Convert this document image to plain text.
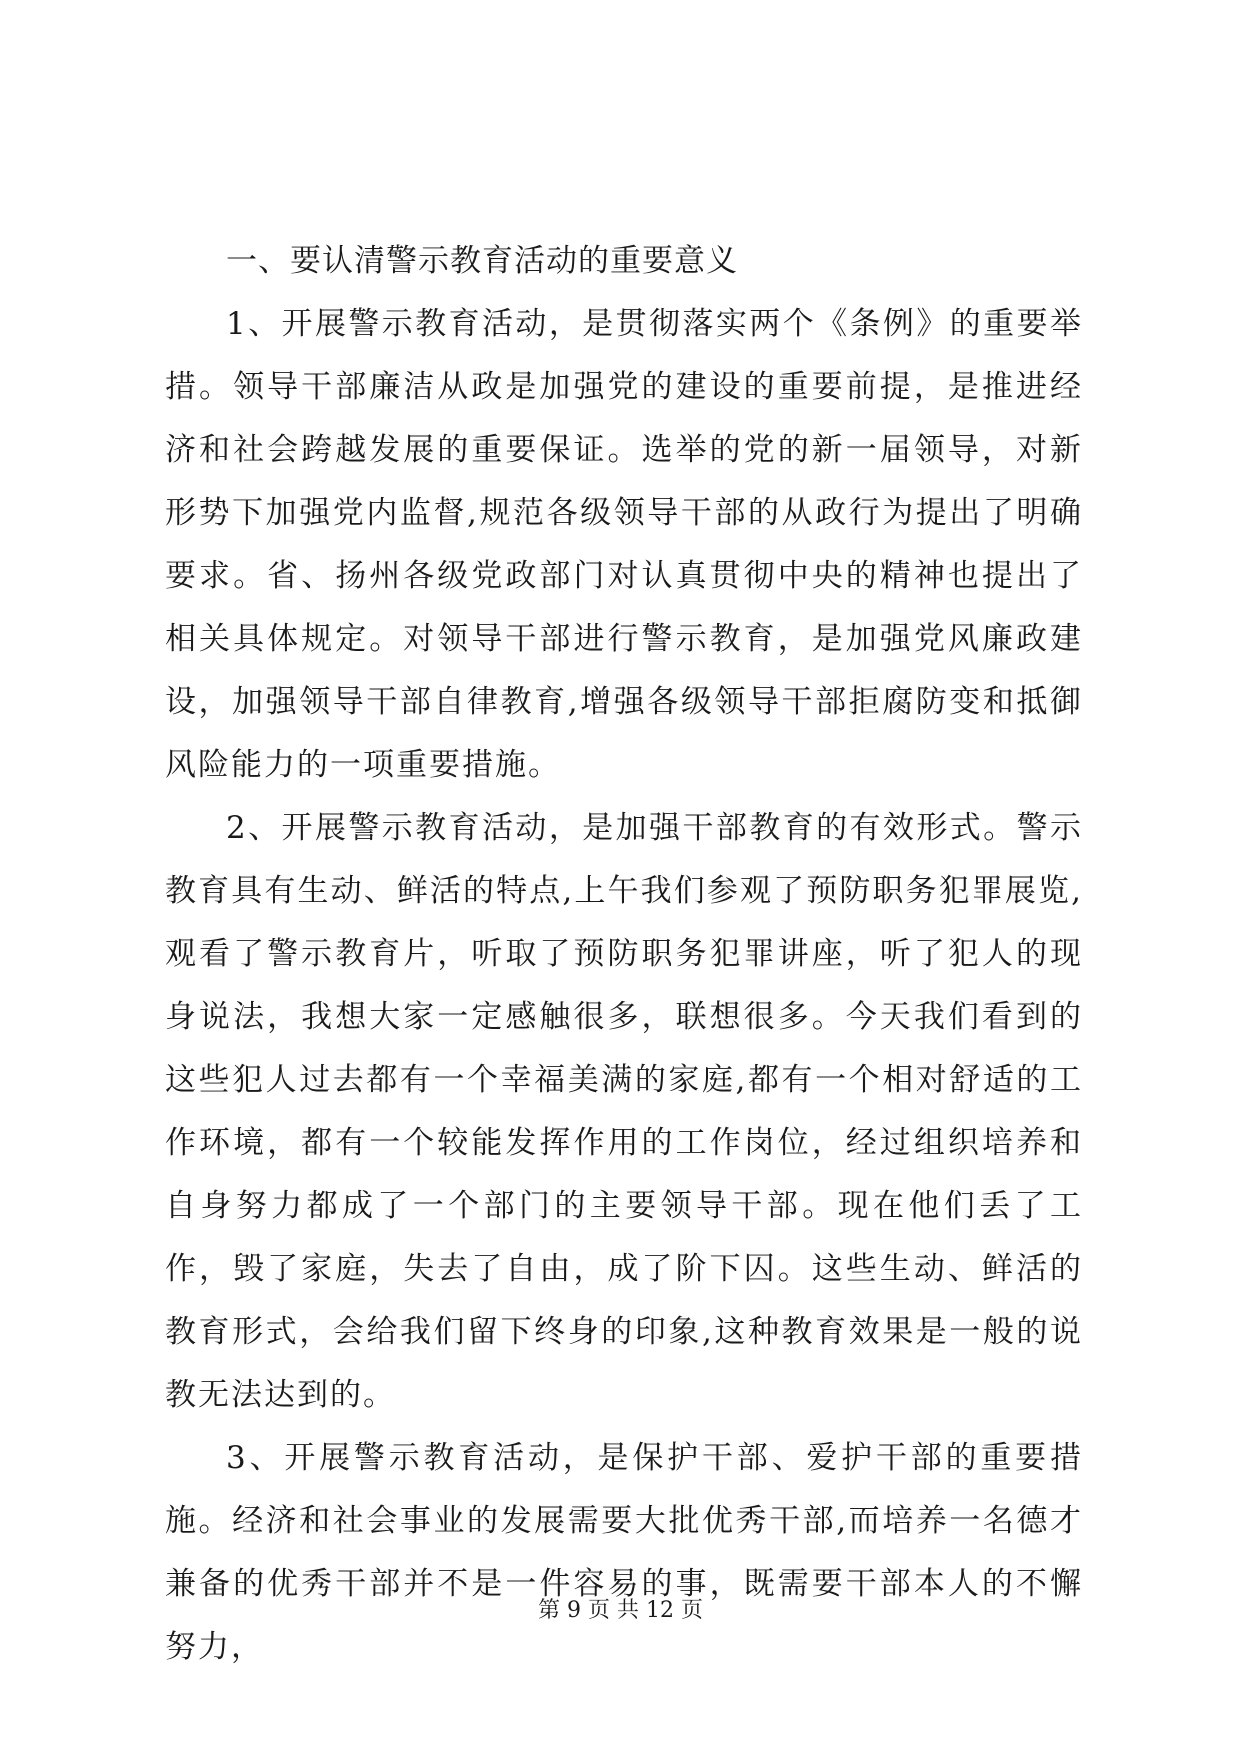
一、要认清警示教育活动的重要意义

1、开展警示教育活动，是贯彻落实两个《条例》的重要举措。领导干部廉洁从政是加强党的建设的重要前提，是推进经济和社会跨越发展的重要保证。选举的党的新一届领导，对新形势下加强党内监督,规范各级领导干部的从政行为提出了明确要求。省、扬州各级党政部门对认真贯彻中央的精神也提出了相关具体规定。对领导干部进行警示教育，是加强党风廉政建设，加强领导干部自律教育,增强各级领导干部拒腐防变和抵御风险能力的一项重要措施。

2、开展警示教育活动，是加强干部教育的有效形式。警示教育具有生动、鲜活的特点,上午我们参观了预防职务犯罪展览,观看了警示教育片，听取了预防职务犯罪讲座，听了犯人的现身说法，我想大家一定感触很多，联想很多。今天我们看到的这些犯人过去都有一个幸福美满的家庭,都有一个相对舒适的工作环境，都有一个较能发挥作用的工作岗位，经过组织培养和自身努力都成了一个部门的主要领导干部。现在他们丢了工作，毁了家庭，失去了自由，成了阶下囚。这些生动、鲜活的教育形式，会给我们留下终身的印象,这种教育效果是一般的说教无法达到的。

3、开展警示教育活动，是保护干部、爱护干部的重要措施。经济和社会事业的发展需要大批优秀干部,而培养一名德才兼备的优秀干部并不是一件容易的事，既需要干部本人的不懈努力，

第 9 页 共 12 页
